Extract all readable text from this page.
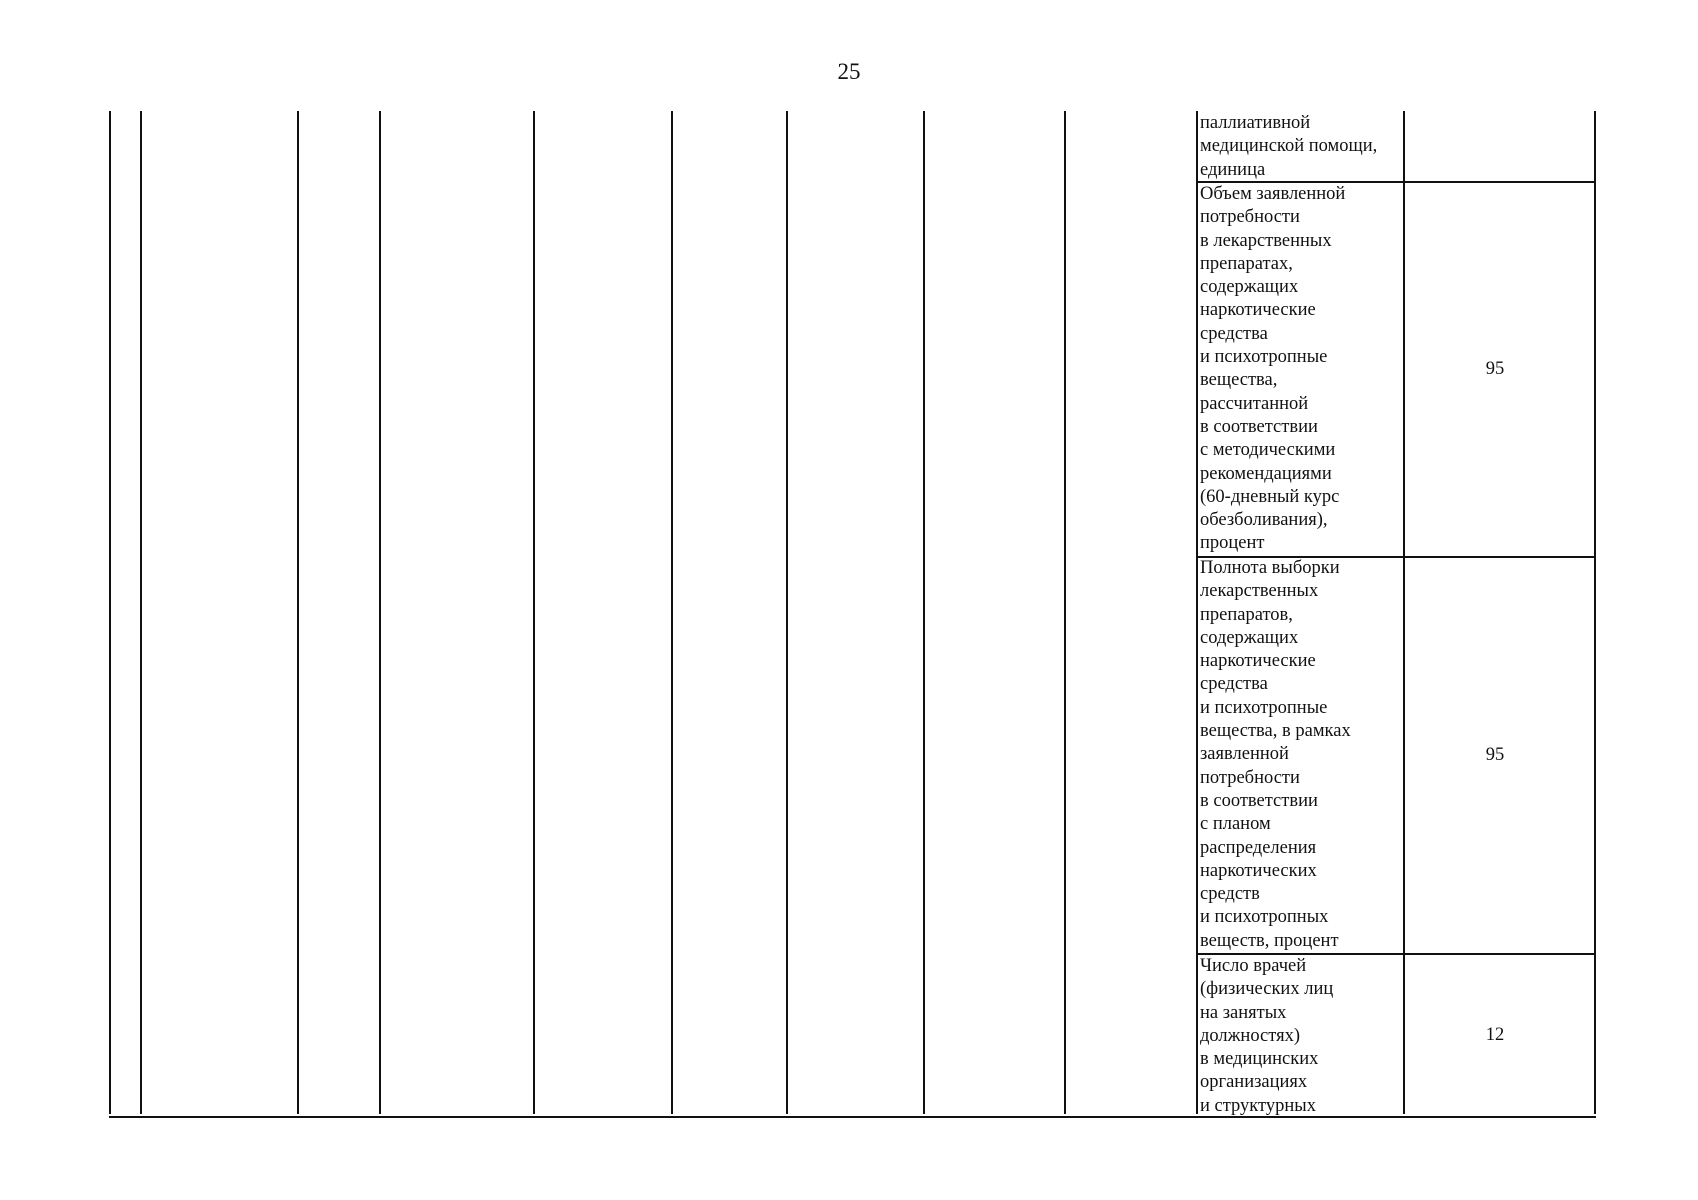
25
паллиативной
медицинской помощи,
единица
Объем заявленной
потребности
в лекарственных
препаратах,
содержащих
наркотические
средства
и психотропные
вещества,
рассчитанной
в соответствии
с методическими
рекомендациями
(60-дневный курс
обезболивания),
процент
95
Полнота выборки
лекарственных
препаратов,
содержащих
наркотические
средства
и психотропные
вещества, в рамках
заявленной
потребности
в соответствии
с планом
распределения
наркотических
средств
и психотропных
веществ, процент
95
Число врачей
(физических лиц
на занятых
должностях)
в медицинских
организациях
и структурных
12
